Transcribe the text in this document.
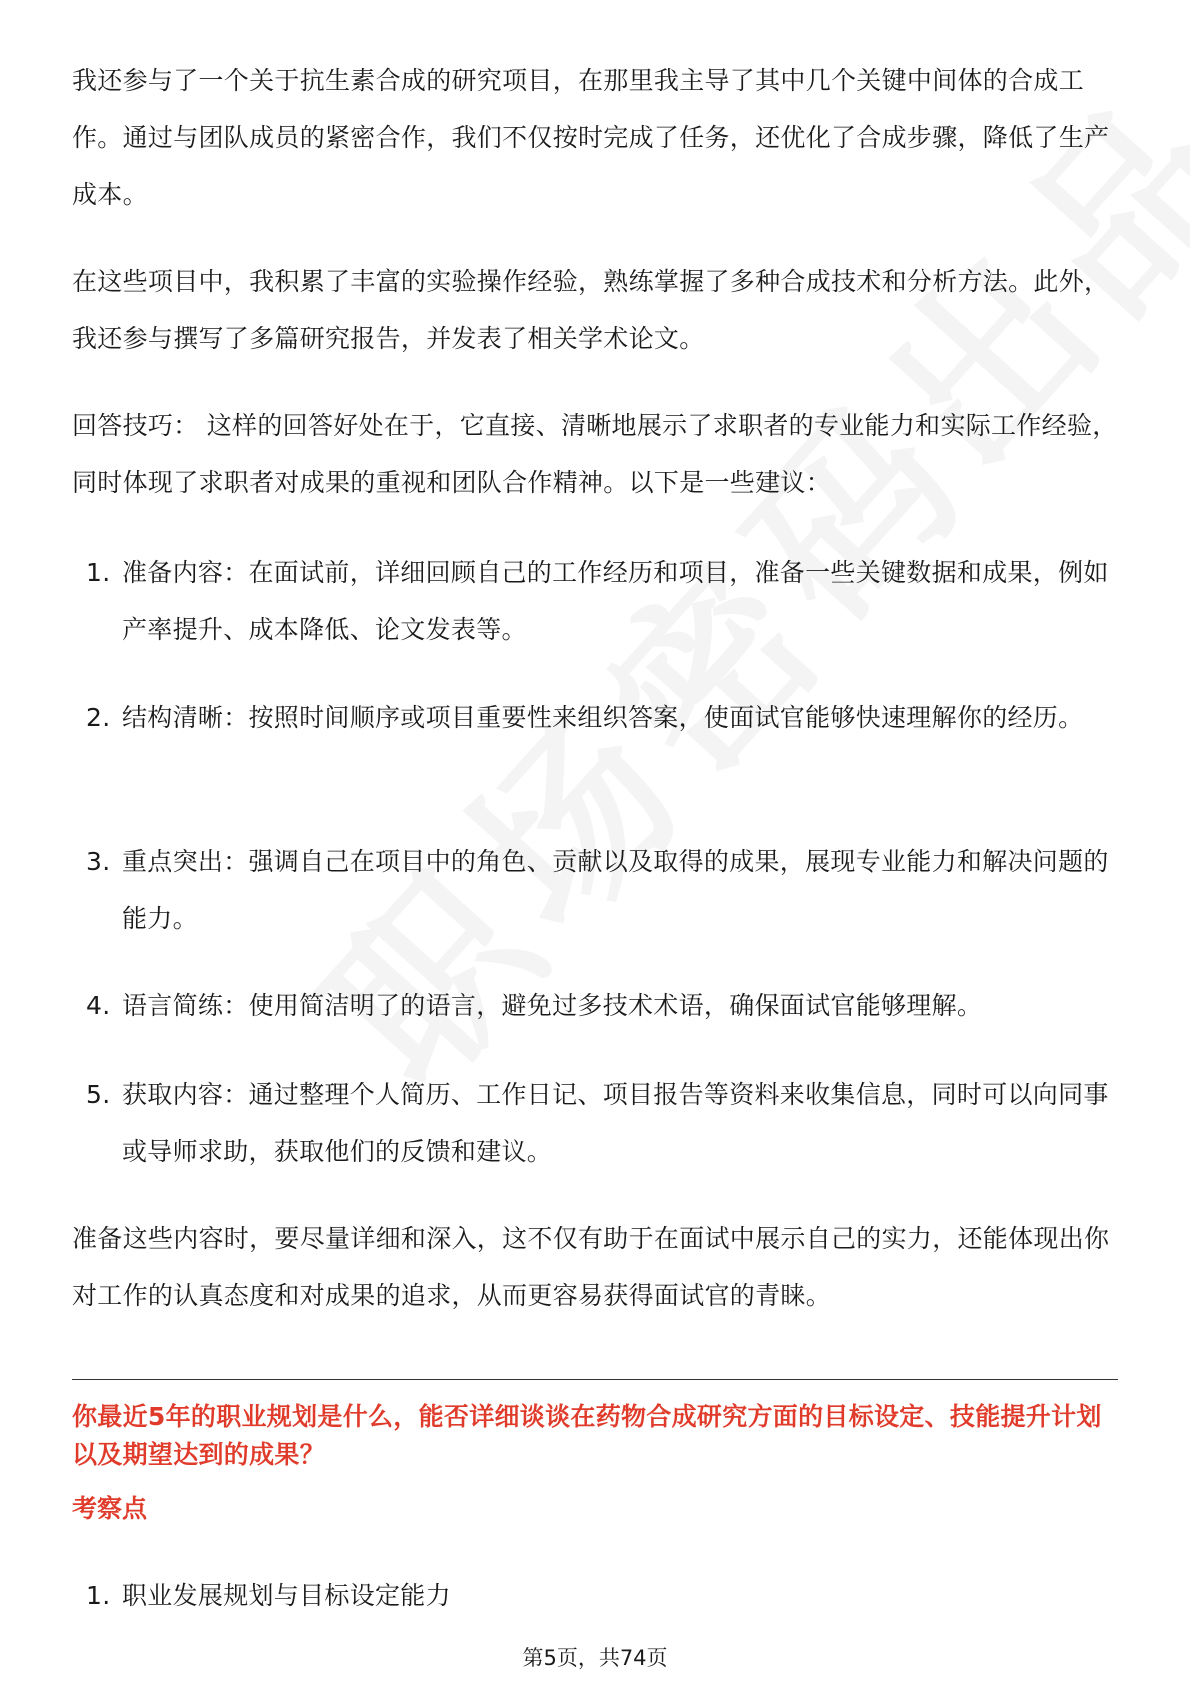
我还参与了一个关于抗生素合成的研究项目，在那里我主导了其中几个关键中间体的合成工作。通过与团队成员的紧密合作，我们不仅按时完成了任务，还优化了合成步骤，降低了生产成本。

在这些项目中，我积累了丰富的实验操作经验，熟练掌握了多种合成技术和分析方法。此外，我还参与撰写了多篇研究报告，并发表了相关学术论文。

回答技巧： 这样的回答好处在于，它直接、清晰地展示了求职者的专业能力和实际工作经验，同时体现了求职者对成果的重视和团队合作精神。以下是一些建议：

1. 准备内容：在面试前，详细回顾自己的工作经历和项目，准备一些关键数据和成果，例如产率提升、成本降低、论文发表等。
2. 结构清晰：按照时间顺序或项目重要性来组织答案，使面试官能够快速理解你的经历。
3. 重点突出：强调自己在项目中的角色、贡献以及取得的成果，展现专业能力和解决问题的能力。
4. 语言简练：使用简洁明了的语言，避免过多技术术语，确保面试官能够理解。
5. 获取内容：通过整理个人简历、工作日记、项目报告等资料来收集信息，同时可以向同事或导师求助，获取他们的反馈和建议。

准备这些内容时，要尽量详细和深入，这不仅有助于在面试中展示自己的实力，还能体现出你对工作的认真态度和对成果的追求，从而更容易获得面试官的青睐。

你最近5年的职业规划是什么，能否详细谈谈在药物合成研究方面的目标设定、技能提升计划以及期望达到的成果？

考察点

1. 职业发展规划与目标设定能力
第5页，共74页
